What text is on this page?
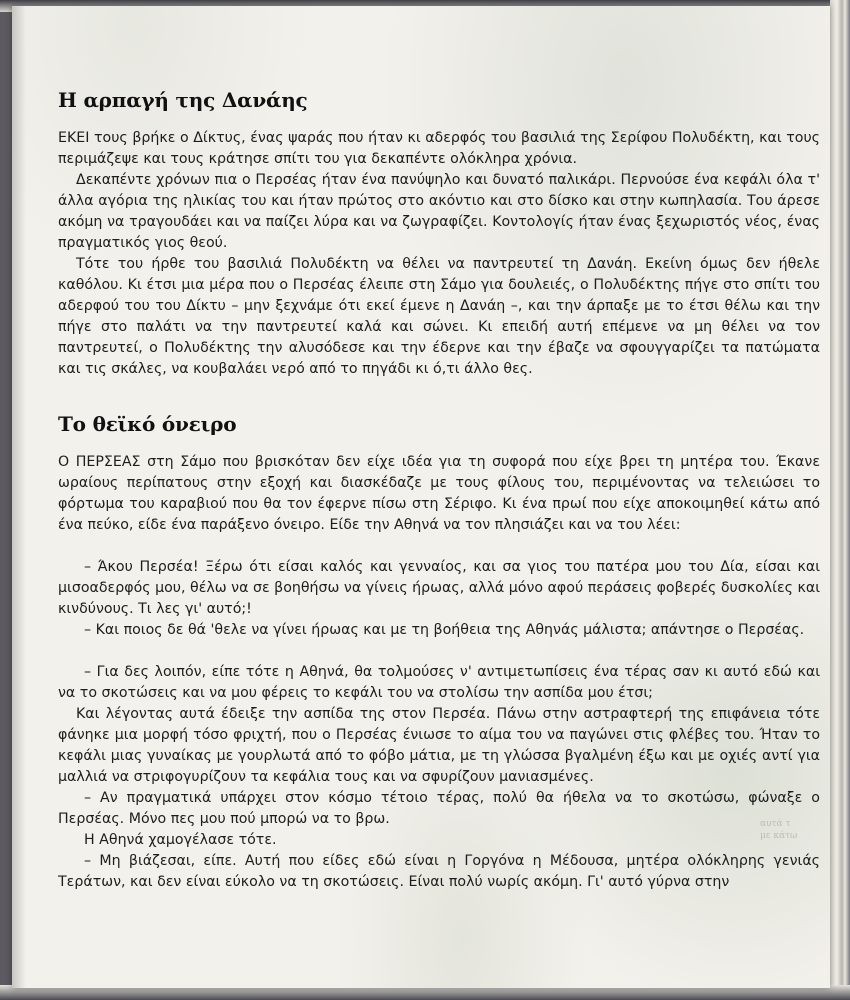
Η αρπαγή της Δανάης

ΕΚΕΙ τους βρήκε ο Δίκτυς, ένας ψαράς που ήταν κι αδερφός του βασιλιά της Σερίφου Πολυδέκτη, και τους περιμάζεψε και τους κράτησε σπίτι του για δεκαπέντε ολόκληρα χρόνια.

Δεκαπέντε χρόνων πια ο Περσέας ήταν ένα πανύψηλο και δυνατό παλικάρι. Περνούσε ένα κεφάλι όλα τ' άλλα αγόρια της ηλικίας του και ήταν πρώτος στο ακόντιο και στο δίσκο και στην κωπηλασία. Του άρεσε ακόμη να τραγουδάει και να παίζει λύρα και να ζωγραφίζει. Κοντολογίς ήταν ένας ξεχωριστός νέος, ένας πραγματικός γιος θεού.

Τότε του ήρθε του βασιλιά Πολυδέκτη να θέλει να παντρευτεί τη Δανάη. Εκείνη όμως δεν ήθελε καθόλου. Κι έτσι μια μέρα που ο Περσέας έλειπε στη Σάμο για δουλειές, ο Πολυδέκτης πήγε στο σπίτι του αδερφού του του Δίκτυ – μην ξεχνάμε ότι εκεί έμενε η Δανάη –, και την άρπαξε με το έτσι θέλω και την πήγε στο παλάτι να την παντρευτεί καλά και σώνει. Κι επειδή αυτή επέμενε να μη θέλει να τον παντρευτεί, ο Πολυδέκτης την αλυσόδεσε και την έδερνε και την έβαζε να σφουγγαρίζει τα πατώματα και τις σκάλες, να κουβαλάει νερό από το πηγάδι κι ό,τι άλλο θες.

Το θεϊκό όνειρο

Ο ΠΕΡΣΕΑΣ στη Σάμο που βρισκόταν δεν είχε ιδέα για τη συφορά που είχε βρει τη μητέρα του. Έκανε ωραίους περίπατους στην εξοχή και διασκέδαζε με τους φίλους του, περιμένοντας να τελειώσει το φόρτωμα του καραβιού που θα τον έφερνε πίσω στη Σέριφο. Κι ένα πρωί που είχε αποκοιμηθεί κάτω από ένα πεύκο, είδε ένα παράξενο όνειρο. Είδε την Αθηνά να τον πλησιάζει και να του λέει:

– Άκου Περσέα! Ξέρω ότι είσαι καλός και γενναίος, και σα γιος του πατέρα μου του Δία, είσαι και μισοαδερφός μου, θέλω να σε βοηθήσω να γίνεις ήρωας, αλλά μόνο αφού περάσεις φοβερές δυσκολίες και κινδύνους. Τι λες γι' αυτό;!

– Και ποιος δε θά 'θελε να γίνει ήρωας και με τη βοήθεια της Αθηνάς μάλιστα; απάντησε ο Περσέας.

– Για δες λοιπόν, είπε τότε η Αθηνά, θα τολμούσες ν' αντιμετωπίσεις ένα τέρας σαν κι αυτό εδώ και να το σκοτώσεις και να μου φέρεις το κεφάλι του να στολίσω την ασπίδα μου έτσι;

Και λέγοντας αυτά έδειξε την ασπίδα της στον Περσέα. Πάνω στην αστραφτερή της επιφάνεια τότε φάνηκε μια μορφή τόσο φριχτή, που ο Περσέας ένιωσε το αίμα του να παγώνει στις φλέβες του. Ήταν το κεφάλι μιας γυναίκας με γουρλωτά από το φόβο μάτια, με τη γλώσσα βγαλμένη έξω και με οχιές αντί για μαλλιά να στριφογυρίζουν τα κεφάλια τους και να σφυρίζουν μανιασμένες.

– Αν πραγματικά υπάρχει στον κόσμο τέτοιο τέρας, πολύ θα ήθελα να το σκοτώσω, φώναξε ο Περσέας. Μόνο πες μου πού μπορώ να το βρω.

Η Αθηνά χαμογέλασε τότε.

– Μη βιάζεσαι, είπε. Αυτή που είδες εδώ είναι η Γοργόνα η Μέδουσα, μητέρα ολόκληρης γενιάς Τεράτων, και δεν είναι εύκολο να τη σκοτώσεις. Είναι πολύ νωρίς ακόμη. Γι' αυτό γύρνα στην

αυτά τ
με κάτω
